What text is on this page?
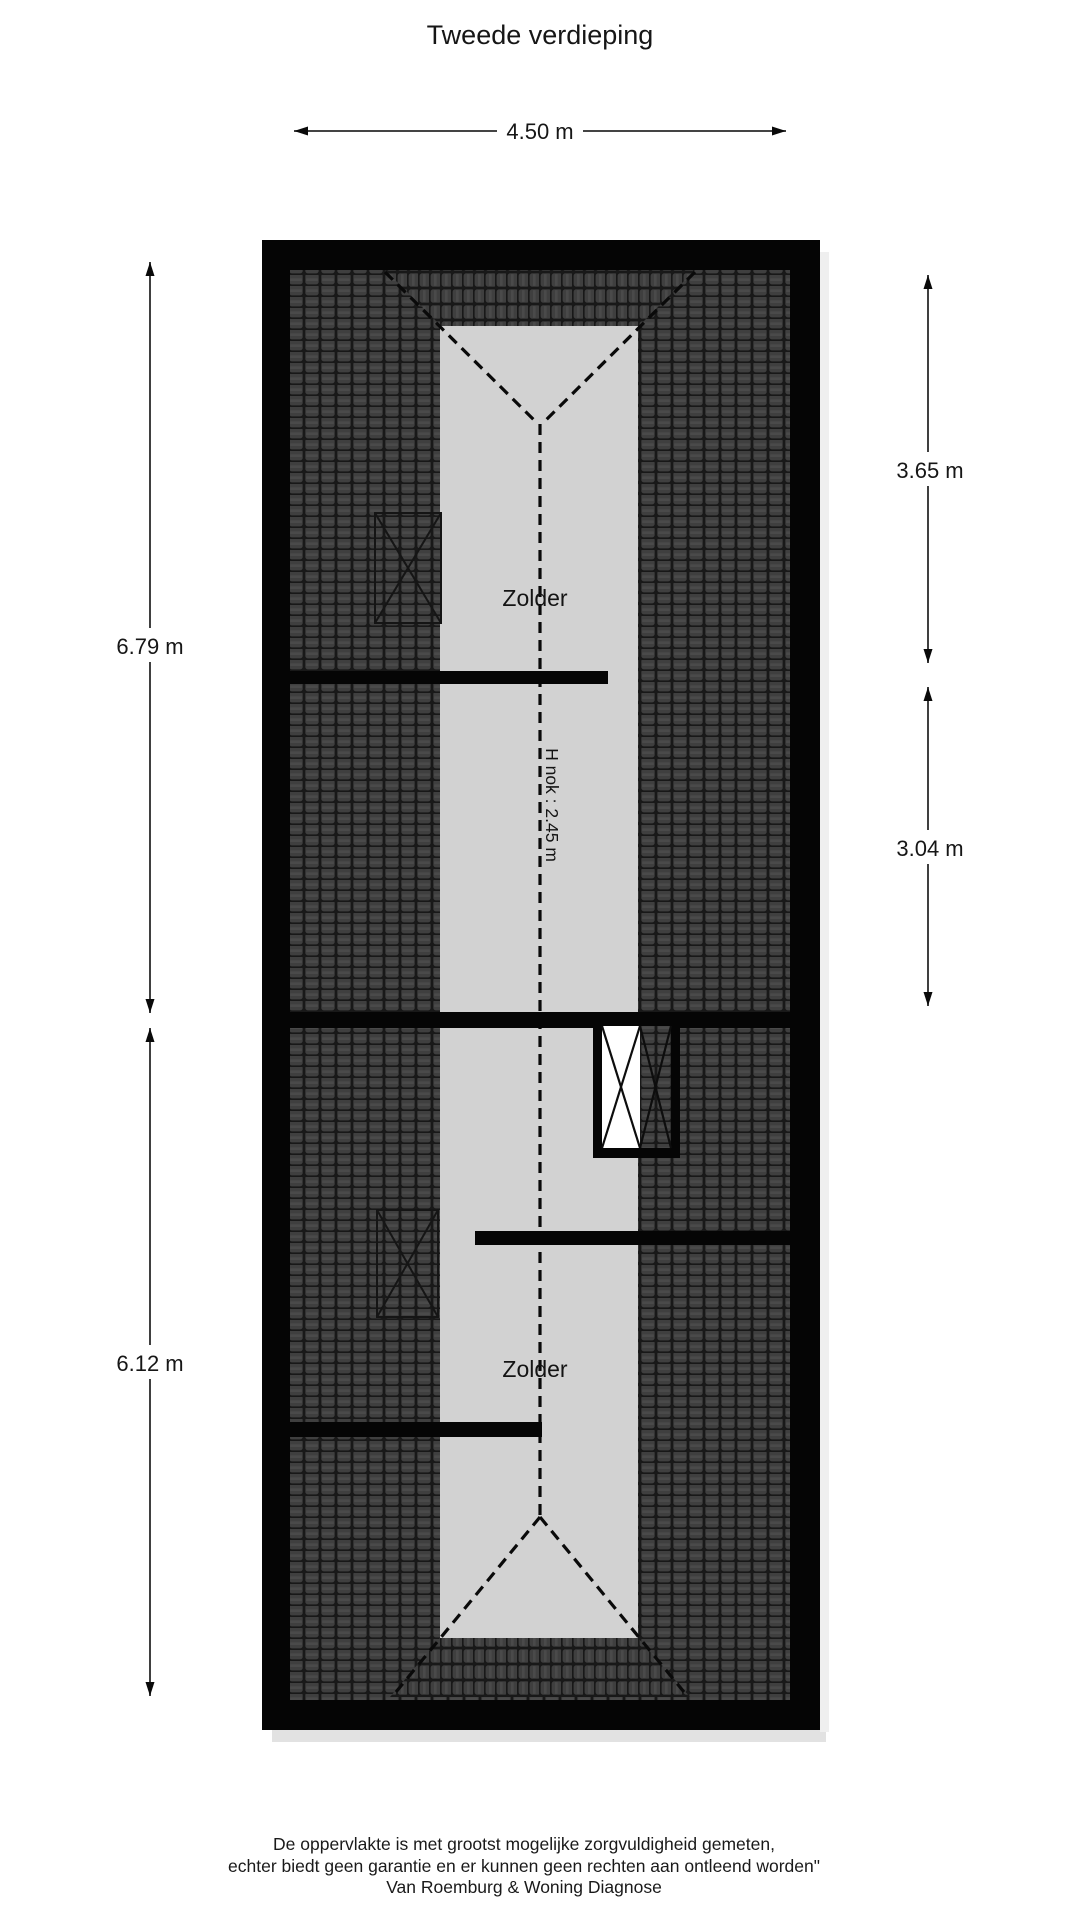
Tweede verdieping
Zolder
Zolder
H nok : 2.45 m
4.50 m
6.79 m
6.12 m
3.65 m
3.04 m
De oppervlakte is met grootst mogelijke zorgvuldigheid gemeten,
echter biedt geen garantie en er kunnen geen rechten aan ontleend worden"
Van Roemburg & Woning Diagnose
